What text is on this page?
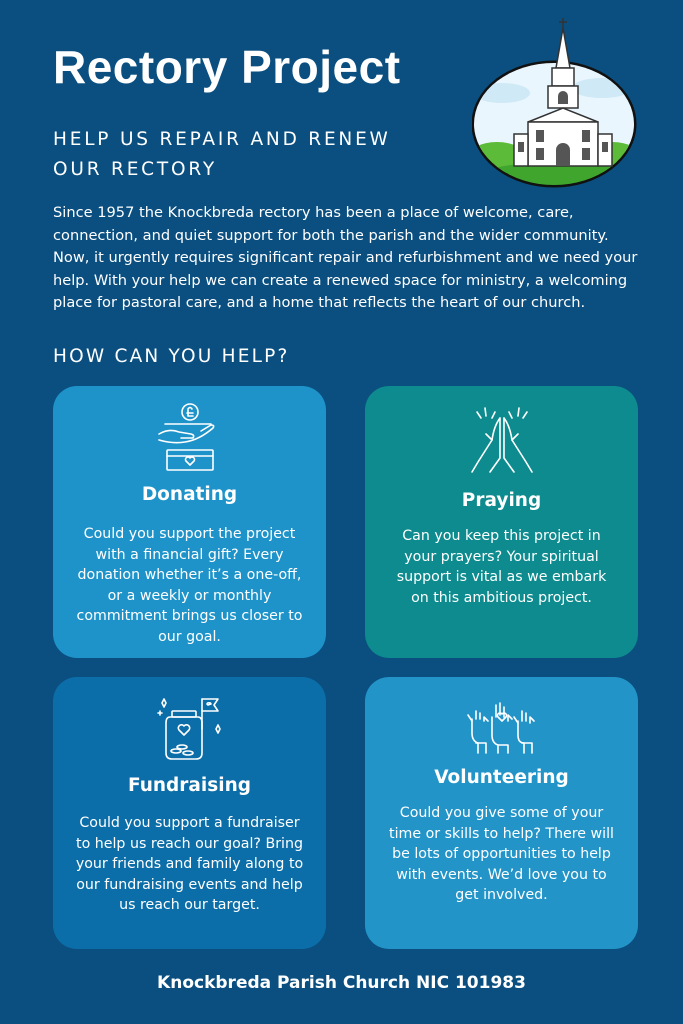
Rectory Project
HELP US REPAIR AND RENEW OUR RECTORY
Since 1957 the Knockbreda rectory has been a place of welcome, care, connection, and quiet support for both the parish and the wider community. Now, it urgently requires significant repair and refurbishment and we need your help. With your help we can create a renewed space for ministry, a welcoming place for pastoral care, and a home that reflects the heart of our church.
HOW CAN YOU HELP?
Donating

Could you support the project with a financial gift? Every donation whether it’s a one-off, or a weekly or monthly commitment brings us closer to our goal.

Praying

Can you keep this project in your prayers? Your spiritual support is vital as we embark on this ambitious project.

Fundraising

Could you support a fundraiser to help us reach our goal? Bring your friends and family along to our fundraising events and help us reach our target.

Volunteering

Could you give some of your time or skills to help? There will be lots of opportunities to help with events. We’d love you to get involved.

Knockbreda Parish Church NIC 101983
